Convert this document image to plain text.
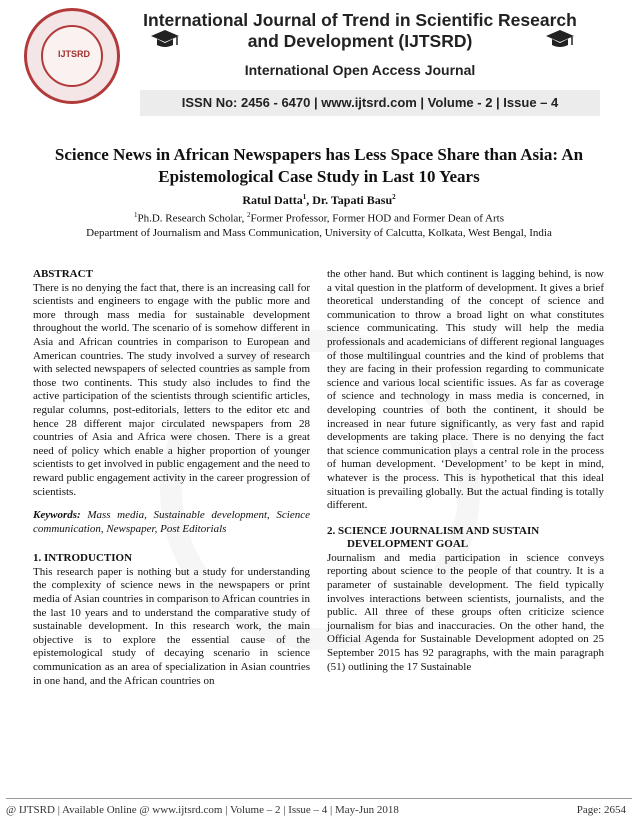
IJTSRD
International Journal of Trend in Scientific Research and Development (IJTSRD)
International Open Access Journal
ISSN No: 2456 - 6470 | www.ijtsrd.com | Volume - 2 | Issue – 4
Science News in African Newspapers has Less Space Share than Asia: An Epistemological Case Study in Last 10 Years
Ratul Datta$^1$, Dr. Tapati Basu$^2$
$^1$Ph.D. Research Scholar, $^2$Former Professor, Former HOD and Former Dean of Arts
Department of Journalism and Mass Communication, University of Calcutta, Kolkata, West Bengal, India

ABSTRACT

There is no denying the fact that, there is an increasing call for scientists and engineers to engage with the public more and more through mass media for sustainable development throughout the world. The scenario of is somehow different in Asia and African countries in comparison to European and American countries. The study involved a survey of research with selected newspapers of selected countries as sample from those two continents. This study also includes to find the active participation of the scientists through scientific articles, regular columns, post-editorials, letters to the editor etc and hence 28 different major circulated newspapers from 28 countries of Asia and Africa were chosen. There is a great need of policy which enable a higher proportion of younger scientists to get involved in public engagement and the need to reward public engagement activity in the career progression of scientists.

Keywords: Mass media, Sustainable development, Science communication, Newspaper, Post Editorials

1. INTRODUCTION

This research paper is nothing but a study for understanding the complexity of science news in the newspapers or print media of Asian countries in comparison to African countries in the last 10 years and to understand the comparative study of sustainable development. In this research work, the main objective is to explore the essential cause of the epistemological study of decaying scenario in science communication as an area of specialization in Asian countries in one hand, and the African countries on

the other hand. But which continent is lagging behind, is now a vital question in the platform of development. It gives a brief theoretical understanding of the concept of science and communication to throw a broad light on what constitutes science communicating. This study will help the media professionals and academicians of different regional languages of those multilingual countries and the kind of problems that they are facing in their profession regarding to communicate science and various local scientific issues. As far as coverage of science and technology in mass media is concerned, in developing countries of both the continent, it should be increased in near future significantly, as very fast and rapid developments are taking place. There is no denying the fact that science communication plays a central role in the process of human development. ‘Development’ to be kept in mind, whatever is the process. This is hypothetical that this ideal situation is prevailing globally. But the actual finding is totally different.

2. SCIENCE JOURNALISM AND SUSTAIN
DEVELOPMENT GOAL

Journalism and media participation in science conveys reporting about science to the people of that country. It is a parameter of sustainable development. The field typically involves interactions between scientists, journalists, and the public. All three of these groups often criticize science journalism for bias and inaccuracies. On the other hand, the Official Agenda for Sustainable Development adopted on 25 September 2015 has 92 paragraphs, with the main paragraph (51) outlining the 17 Sustainable

@ IJTSRD | Available Online @ www.ijtsrd.com | Volume – 2 | Issue – 4 | May-Jun 2018	Page: 2654
